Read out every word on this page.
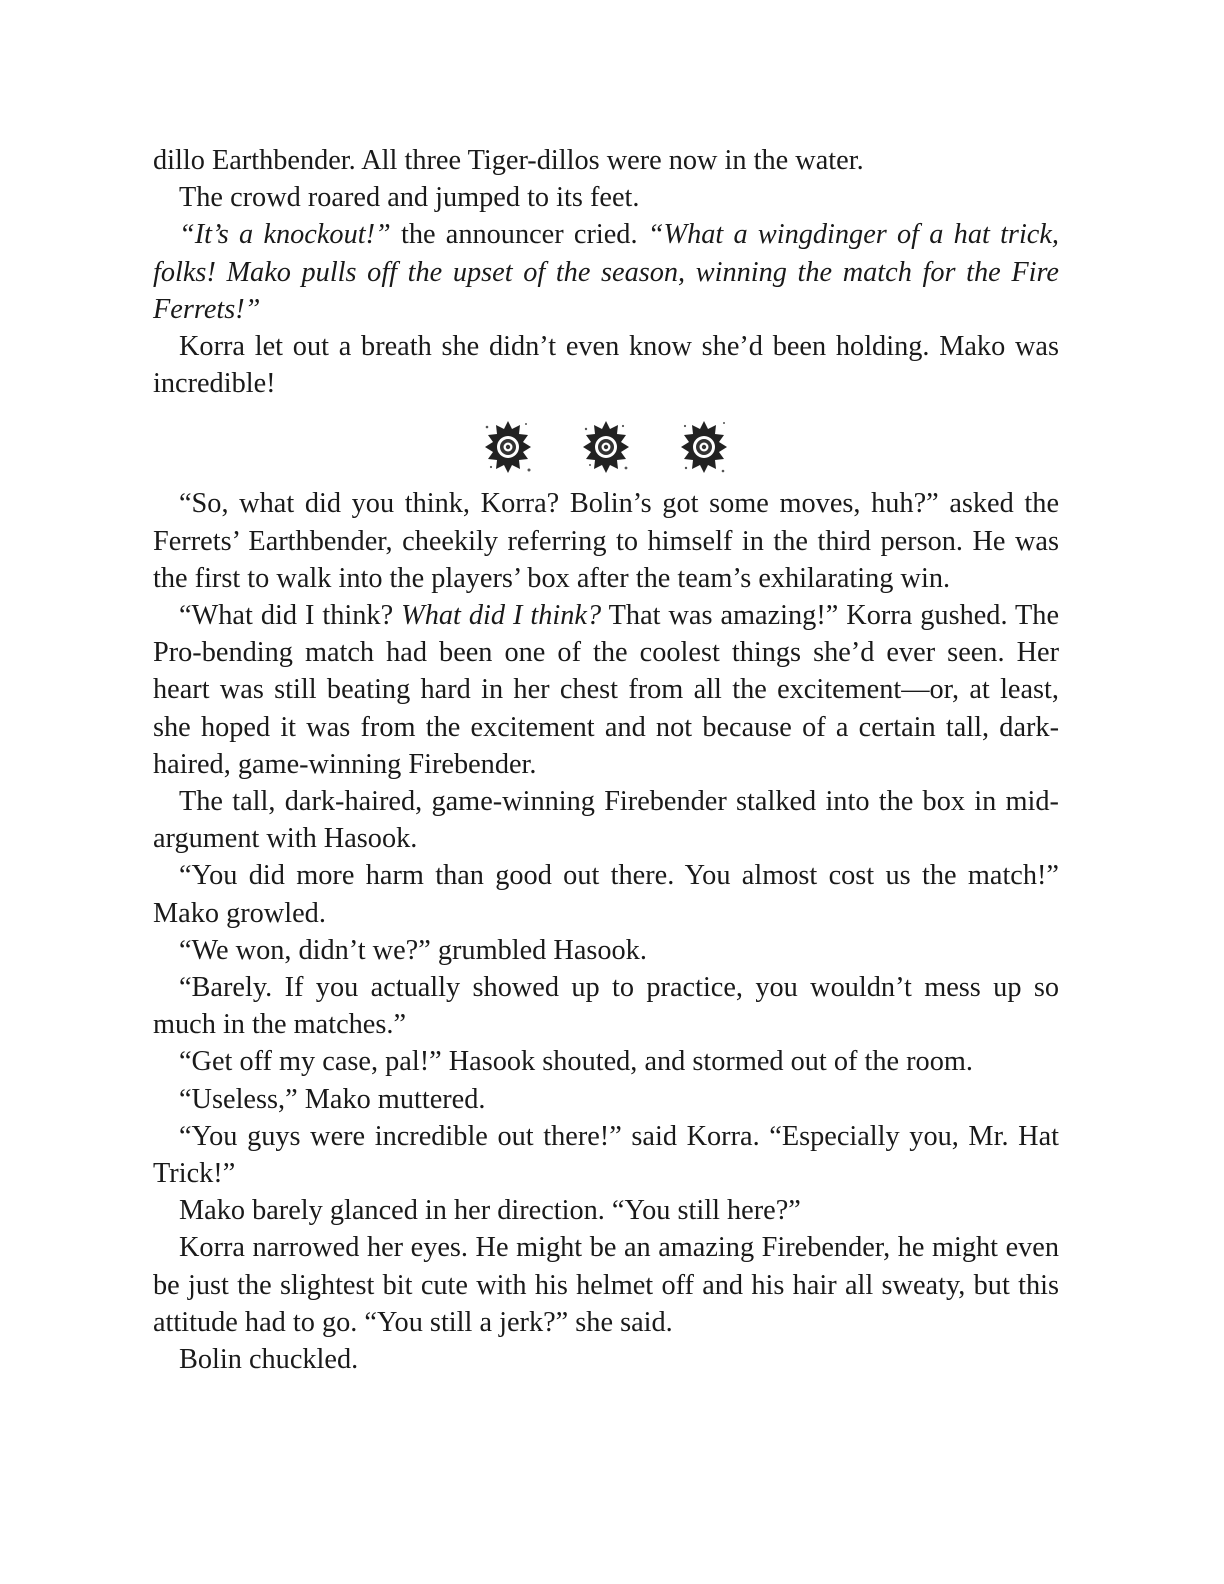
dillo Earthbender. All three Tiger-dillos were now in the water.

The crowd roared and jumped to its feet.

“It’s a knockout!” the announcer cried. “What a wingdinger of a hat trick, folks! Mako pulls off the upset of the season, winning the match for the Fire Ferrets!”

Korra let out a breath she didn’t even know she’d been holding. Mako was incredible!

“So, what did you think, Korra? Bolin’s got some moves, huh?” asked the Ferrets’ Earthbender, cheekily referring to himself in the third person. He was the first to walk into the players’ box after the team’s exhilarating win.

“What did I think? What did I think? That was amazing!” Korra gushed. The Pro-bending match had been one of the coolest things she’d ever seen. Her heart was still beating hard in her chest from all the excitement—or, at least, she hoped it was from the excitement and not because of a certain tall, dark-haired, game-winning Firebender.

The tall, dark-haired, game-winning Firebender stalked into the box in mid-argument with Hasook.

“You did more harm than good out there. You almost cost us the match!” Mako growled.

“We won, didn’t we?” grumbled Hasook.

“Barely. If you actually showed up to practice, you wouldn’t mess up so much in the matches.”

“Get off my case, pal!” Hasook shouted, and stormed out of the room.

“Useless,” Mako muttered.

“You guys were incredible out there!” said Korra. “Especially you, Mr. Hat Trick!”

Mako barely glanced in her direction. “You still here?”

Korra narrowed her eyes. He might be an amazing Firebender, he might even be just the slightest bit cute with his helmet off and his hair all sweaty, but this attitude had to go. “You still a jerk?” she said.

Bolin chuckled.
